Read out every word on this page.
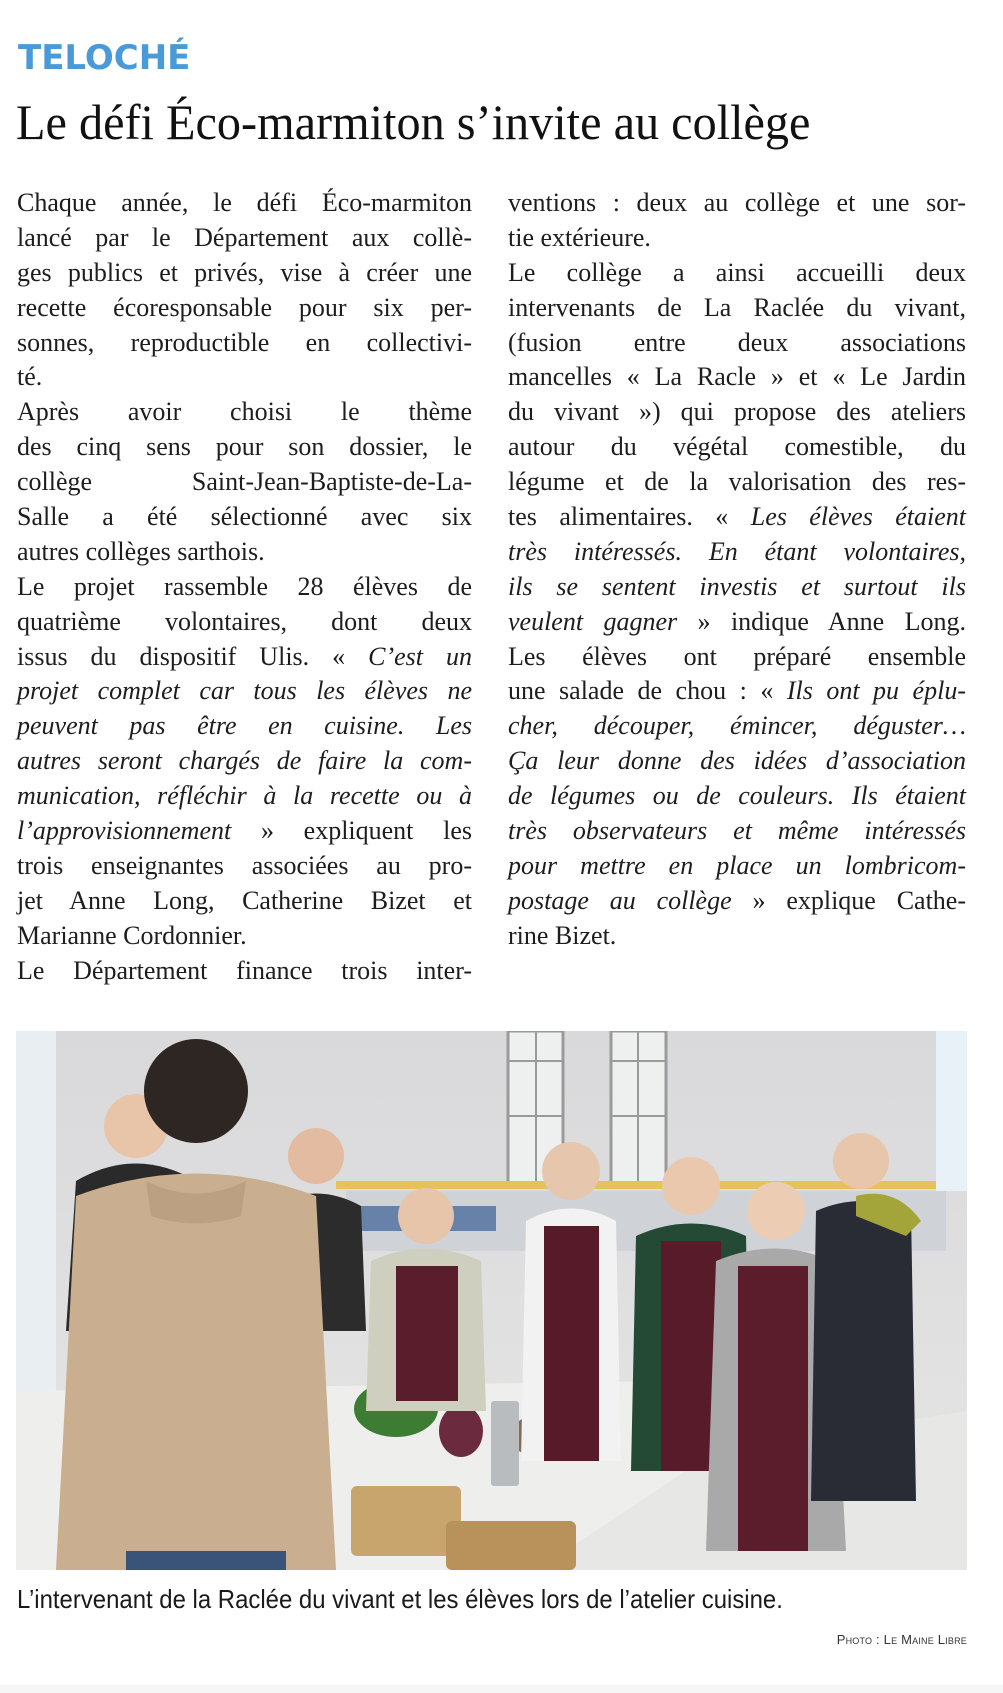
TELOCHÉ
Le défi Éco-marmiton s’invite au collège
Chaque année, le défi Éco-marmiton
lancé par le Département aux collè-
ges publics et privés, vise à créer une
recette écoresponsable pour six per-
sonnes, reproductible en collectivi-
té.
Après avoir choisi le thème
des cinq sens pour son dossier, le
collège Saint-Jean-Baptiste-de-La-
Salle a été sélectionné avec six
autres collèges sarthois.
Le projet rassemble 28 élèves de
quatrième volontaires, dont deux
issus du dispositif Ulis. « C’est un
projet complet car tous les élèves ne
peuvent pas être en cuisine. Les
autres seront chargés de faire la com-
munication, réfléchir à la recette ou à
l’approvisionnement » expliquent les
trois enseignantes associées au pro-
jet Anne Long, Catherine Bizet et
Marianne Cordonnier.
Le Département finance trois inter-
ventions : deux au collège et une sor-
tie extérieure.
Le collège a ainsi accueilli deux
intervenants de La Raclée du vivant,
(fusion entre deux associations
mancelles « La Racle » et « Le Jardin
du vivant ») qui propose des ateliers
autour du végétal comestible, du
légume et de la valorisation des res-
tes alimentaires. « Les élèves étaient
très intéressés. En étant volontaires,
ils se sentent investis et surtout ils
veulent gagner » indique Anne Long.
Les élèves ont préparé ensemble
une salade de chou : « Ils ont pu éplu-
cher, découper, émincer, déguster…
Ça leur donne des idées d’association
de légumes ou de couleurs. Ils étaient
très observateurs et même intéressés
pour mettre en place un lombricom-
postage au collège » explique Cathe-
rine Bizet.
L’intervenant de la Raclée du vivant et les élèves lors de l’atelier cuisine.
Photo : Le Maine Libre
